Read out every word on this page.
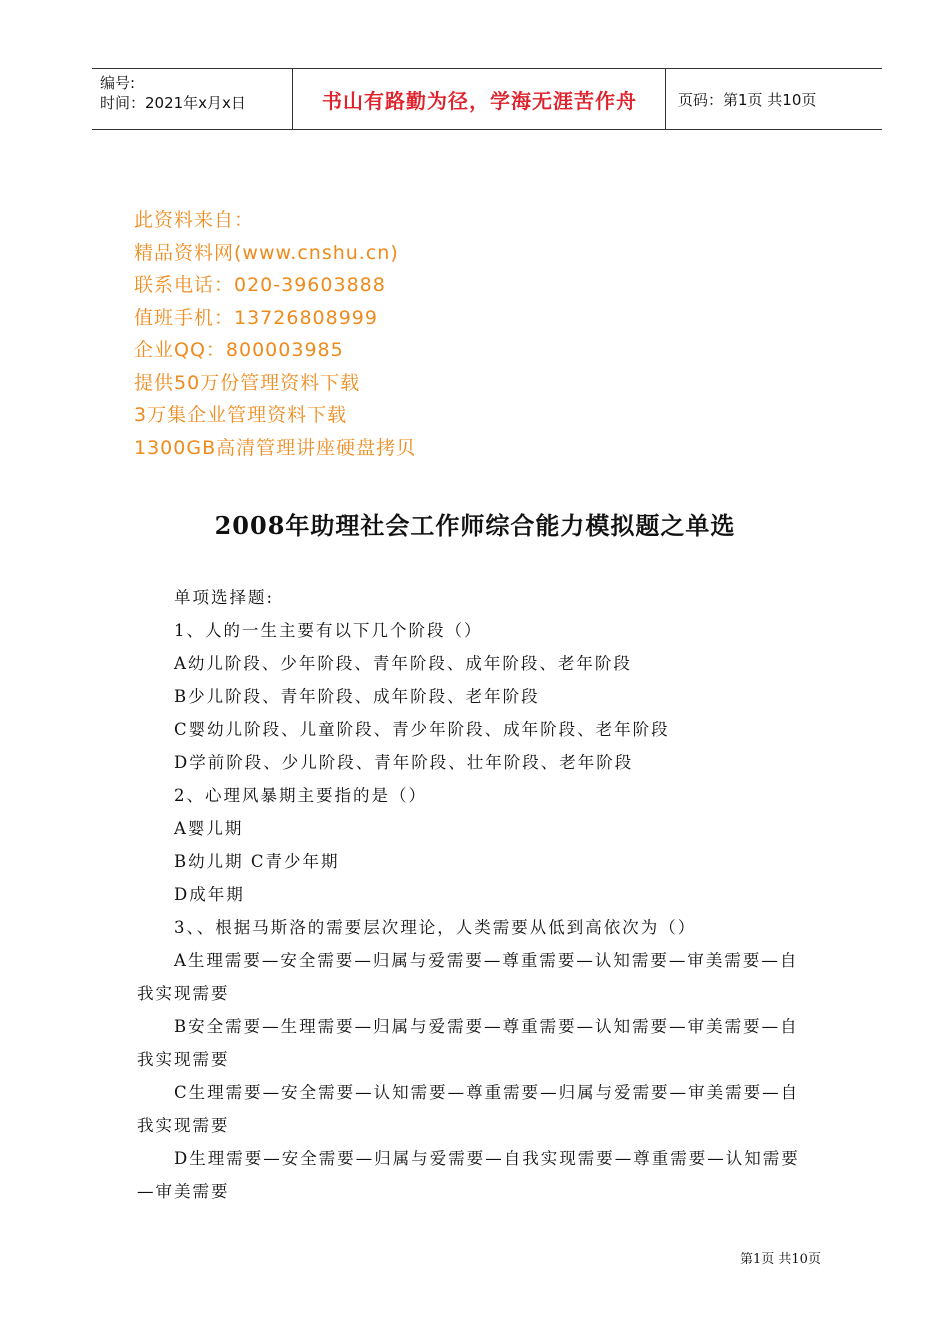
编号:
时间：2021年x月x日	书山有路勤为径，学海无涯苦作舟	页码：第1页 共10页
此资料来自：
精品资料网(www.cnshu.cn)
联系电话：020-39603888
值班手机：13726808999
企业QQ：800003985
提供50万份管理资料下载
3万集企业管理资料下载
1300GB高清管理讲座硬盘拷贝
2008年助理社会工作师综合能力模拟题之单选
单项选择题:
1、人的一生主要有以下几个阶段（）
A幼儿阶段、少年阶段、青年阶段、成年阶段、老年阶段
B少儿阶段、青年阶段、成年阶段、老年阶段
C婴幼儿阶段、儿童阶段、青少年阶段、成年阶段、老年阶段
D学前阶段、少儿阶段、青年阶段、壮年阶段、老年阶段
2、心理风暴期主要指的是（）
A婴儿期
B幼儿期 C青少年期
D成年期
3、、根据马斯洛的需要层次理论，人类需要从低到高依次为（）
A生理需要—安全需要—归属与爱需要—尊重需要—认知需要—审美需要—自
我实现需要
B安全需要—生理需要—归属与爱需要—尊重需要—认知需要—审美需要—自
我实现需要
C生理需要—安全需要—认知需要—尊重需要—归属与爱需要—审美需要—自
我实现需要
D生理需要—安全需要—归属与爱需要—自我实现需要—尊重需要—认知需要
—审美需要
第1页 共10页
